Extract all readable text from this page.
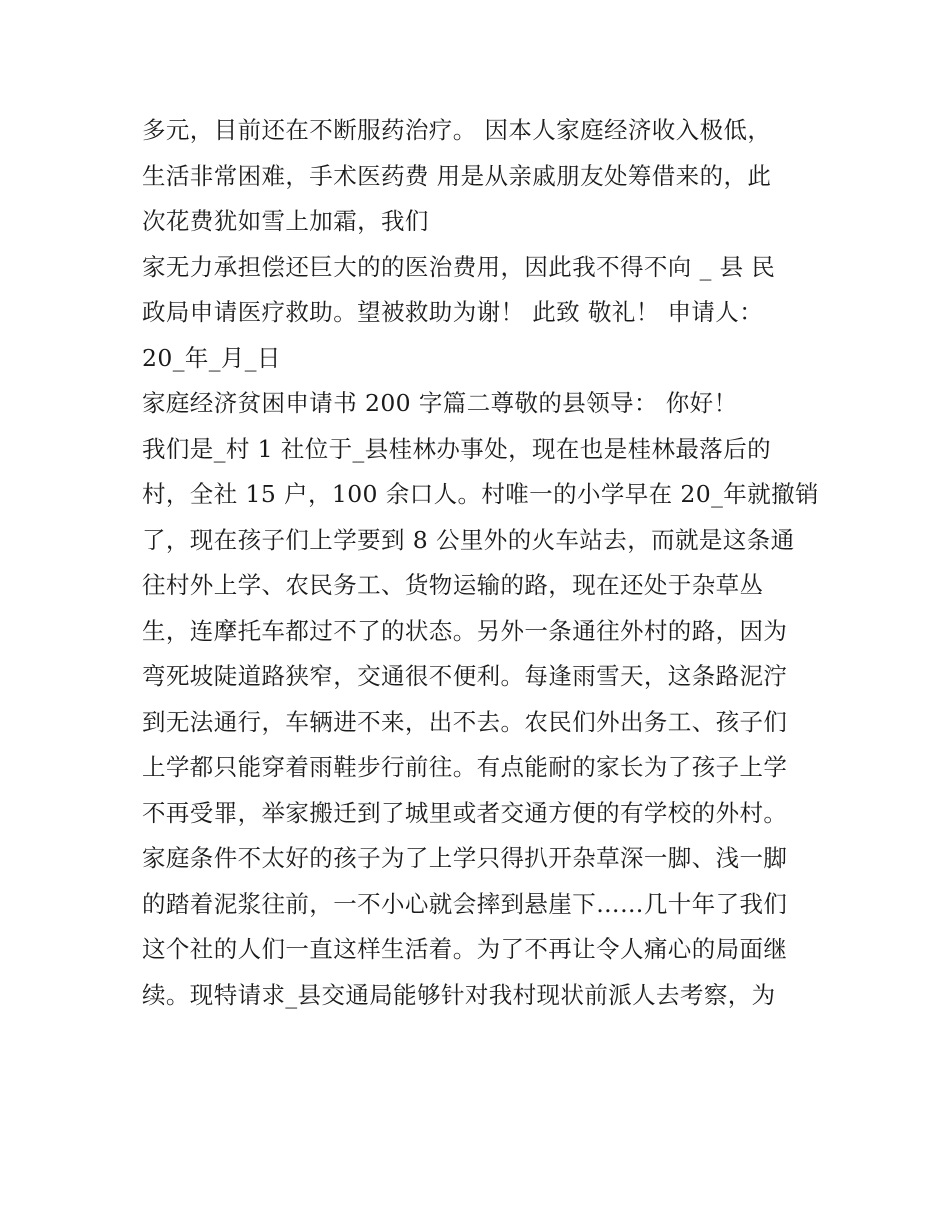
多元，目前还在不断服药治疗。 因本人家庭经济收入极低，
生活非常困难，手术医药费 用是从亲戚朋友处筹借来的，此
次花费犹如雪上加霜，我们
家无力承担偿还巨大的的医治费用，因此我不得不向 _ 县 民
政局申请医疗救助。望被救助为谢！ 此致 敬礼！ 申请人：
20_年_月_日
家庭经济贫困申请书 200 字篇二尊敬的县领导： 你好！
我们是_村 1 社位于_县桂林办事处，现在也是桂林最落后的
村，全社 15 户，100 余口人。村唯一的小学早在 20_年就撤销
了，现在孩子们上学要到 8 公里外的火车站去，而就是这条通
往村外上学、农民务工、货物运输的路，现在还处于杂草丛
生，连摩托车都过不了的状态。另外一条通往外村的路，因为
弯死坡陡道路狭窄，交通很不便利。每逢雨雪天，这条路泥泞
到无法通行，车辆进不来，出不去。农民们外出务工、孩子们
上学都只能穿着雨鞋步行前往。有点能耐的家长为了孩子上学
不再受罪，举家搬迁到了城里或者交通方便的有学校的外村。
家庭条件不太好的孩子为了上学只得扒开杂草深一脚、浅一脚
的踏着泥浆往前，一不小心就会摔到悬崖下……几十年了我们
这个社的人们一直这样生活着。为了不再让令人痛心的局面继
续。现特请求_县交通局能够针对我村现状前派人去考察，为
